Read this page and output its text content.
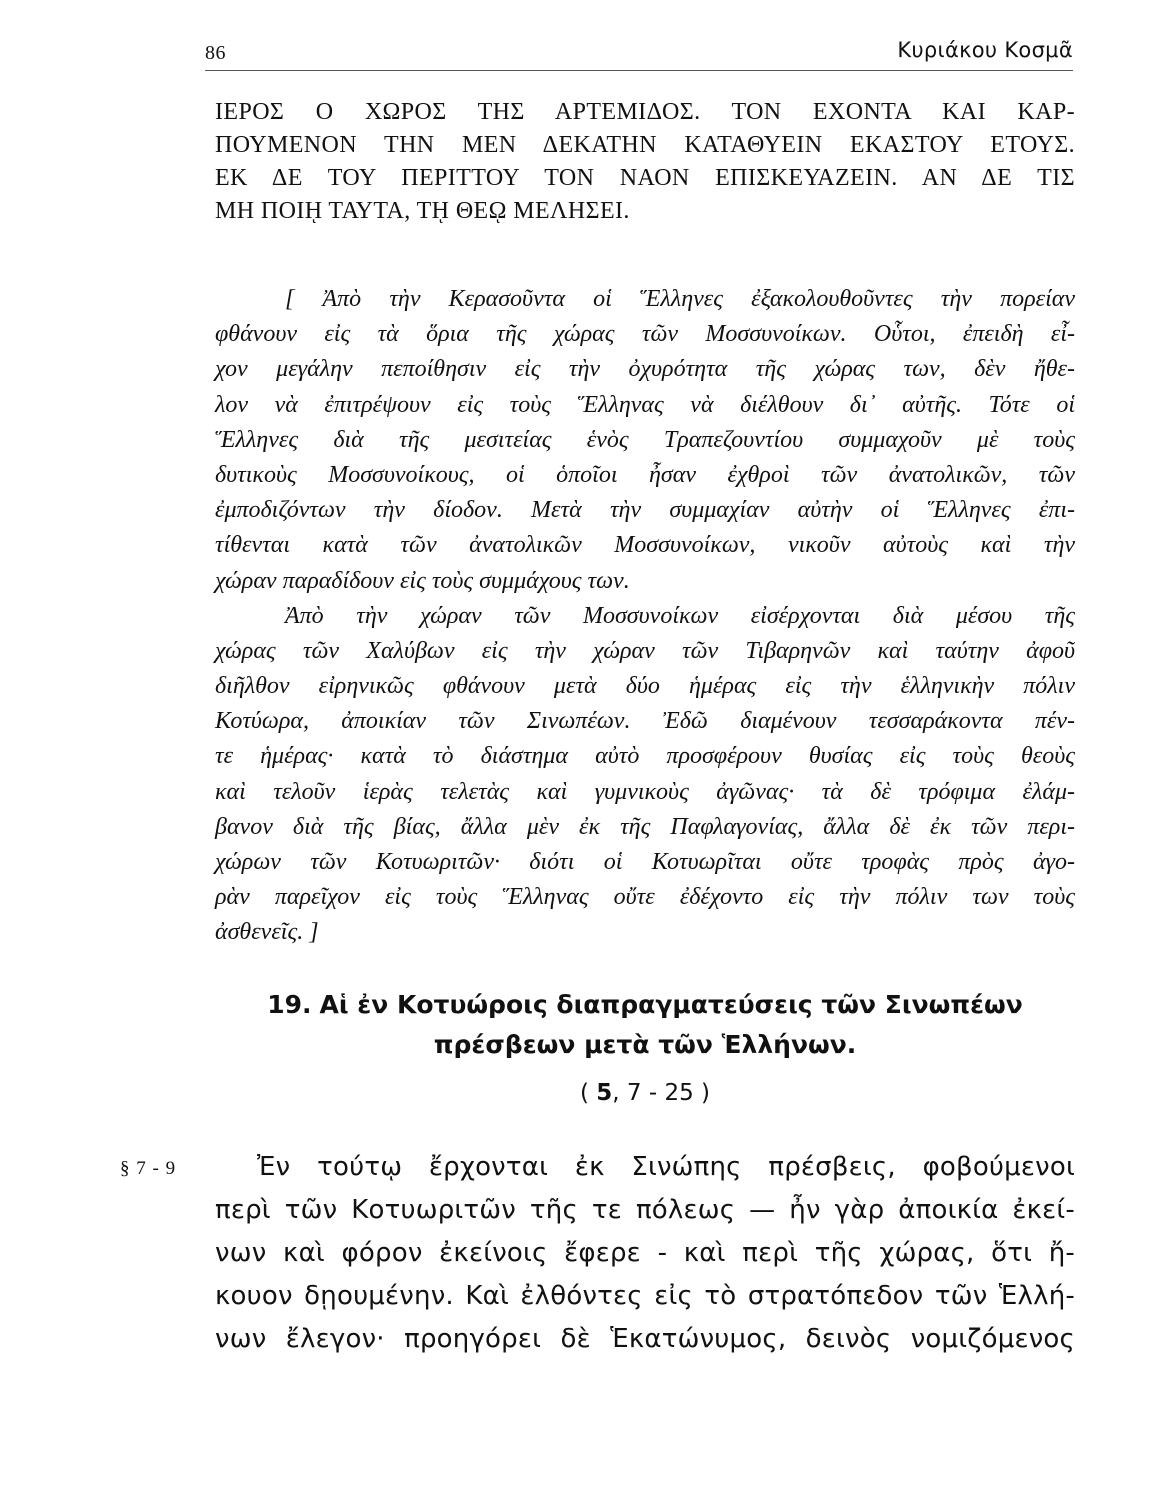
86	Κυριάκου Κοσμᾶ
ΙΕΡΟΣ Ο ΧΩΡΟΣ ΤΗΣ ΑΡΤΕΜΙΔΟΣ. ΤΟΝ ΕΧΟΝΤΑ ΚΑΙ ΚΑΡ-
ΠΟΥΜΕΝΟΝ ΤΗΝ ΜΕΝ ΔΕΚΑΤΗΝ ΚΑΤΑΘΥΕΙΝ ΕΚΑΣΤΟΥ ΕΤΟΥΣ.
ΕΚ ΔΕ ΤΟΥ ΠΕΡΙΤΤΟΥ ΤΟΝ ΝΑΟΝ ΕΠΙΣΚΕΥΑΖΕΙΝ. ΑΝ ΔΕ ΤΙΣ
ΜΗ ΠΟΙῌ ΤΑΥΤΑ, Τῌ ΘΕῼ ΜΕΛΗΣΕΙ.
[ Ἀπὸ τὴν Κερασοῦντα οἱ Ἕλληνες ἐξακολουθοῦντες τὴν πορείαν
φθάνουν εἰς τὰ ὅρια τῆς χώρας τῶν Μοσσυνοίκων. Οὗτοι, ἐπειδὴ εἶ-
χον μεγάλην πεποίθησιν εἰς τὴν ὀχυρότητα τῆς χώρας των, δὲν ἤθε-
λον νὰ ἐπιτρέψουν εἰς τοὺς Ἕλληνας νὰ διέλθουν δι᾽ αὐτῆς. Τότε οἱ
Ἕλληνες διὰ τῆς μεσιτείας ἑνὸς Τραπεζουντίου συμμαχοῦν μὲ τοὺς
δυτικοὺς Μοσσυνοίκους, οἱ ὁποῖοι ἦσαν ἐχθροὶ τῶν ἀνατολικῶν, τῶν
ἐμποδιζόντων τὴν δίοδον. Μετὰ τὴν συμμαχίαν αὐτὴν οἱ Ἕλληνες ἐπι-
τίθενται κατὰ τῶν ἀνατολικῶν Μοσσυνοίκων, νικοῦν αὐτοὺς καὶ τὴν
χώραν παραδίδουν εἰς τοὺς συμμάχους των.
Ἀπὸ τὴν χώραν τῶν Μοσσυνοίκων εἰσέρχονται διὰ μέσου τῆς
χώρας τῶν Χαλύβων εἰς τὴν χώραν τῶν Τιβαρηνῶν καὶ ταύτην ἀφοῦ
διῆλθον εἰρηνικῶς φθάνουν μετὰ δύο ἡμέρας εἰς τὴν ἑλληνικὴν πόλιν
Κοτύωρα, ἀποικίαν τῶν Σινωπέων. Ἐδῶ διαμένουν τεσσαράκοντα πέν-
τε ἡμέρας· κατὰ τὸ διάστημα αὐτὸ προσφέρουν θυσίας εἰς τοὺς θεοὺς
καὶ τελοῦν ἱερὰς τελετὰς καὶ γυμνικοὺς ἀγῶνας· τὰ δὲ τρόφιμα ἐλάμ-
βανον διὰ τῆς βίας, ἄλλα μὲν ἐκ τῆς Παφλαγονίας, ἄλλα δὲ ἐκ τῶν περι-
χώρων τῶν Κοτυωριτῶν· διότι οἱ Κοτυωρῖται οὔτε τροφὰς πρὸς ἀγο-
ρὰν παρεῖχον εἰς τοὺς Ἕλληνας οὔτε ἐδέχοντο εἰς τὴν πόλιν των τοὺς
ἀσθενεῖς. ]
19. Αἱ ἐν Κοτυώροις διαπραγματεύσεις τῶν Σινωπέων
πρέσβεων μετὰ τῶν Ἑλλήνων.
( 5, 7 - 25 )
§ 7 - 9	Ἐν τούτῳ ἔρχονται ἐκ Σινώπης πρέσβεις, φοβούμενοι
περὶ τῶν Κοτυωριτῶν τῆς τε πόλεως — ἦν γὰρ ἀποικία ἐκεί-
νων καὶ φόρον ἐκείνοις ἔφερε - καὶ περὶ τῆς χώρας, ὅτι ἤ-
κουον δῃουμένην. Καὶ ἐλθόντες εἰς τὸ στρατόπεδον τῶν Ἑλλή-
νων ἔλεγον· προηγόρει δὲ Ἑκατώνυμος, δεινὸς νομιζόμενος
